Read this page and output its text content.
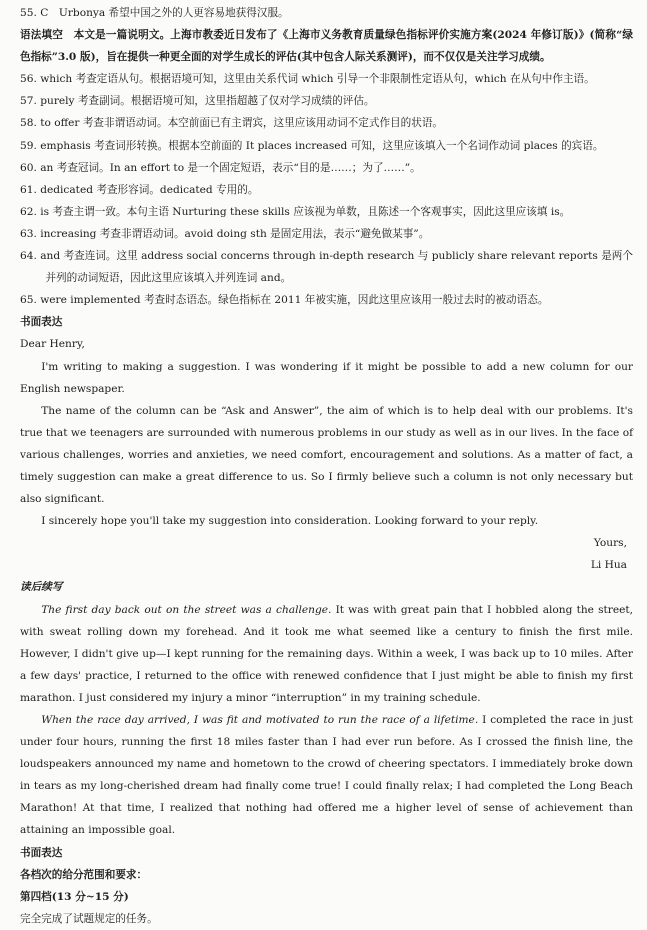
55. C　Urbonya 希望中国之外的人更容易地获得汉服。

语法填空　本文是一篇说明文。上海市教委近日发布了《上海市义务教育质量绿色指标评价实施方案(2024 年修订版)》(简称“绿色指标”3.0 版)，旨在提供一种更全面的对学生成长的评估(其中包含人际关系测评)，而不仅仅是关注学习成绩。

56. which 考查定语从句。根据语境可知，这里由关系代词 which 引导一个非限制性定语从句，which 在从句中作主语。

57. purely 考查副词。根据语境可知，这里指超越了仅对学习成绩的评估。

58. to offer 考查非谓语动词。本空前面已有主谓宾，这里应该用动词不定式作目的状语。

59. emphasis 考查词形转换。根据本空前面的 It places increased 可知，这里应该填入一个名词作动词 places 的宾语。

60. an 考查冠词。In an effort to 是一个固定短语，表示“目的是……；为了……”。

61. dedicated 考查形容词。dedicated 专用的。

62. is 考查主谓一致。本句主语 Nurturing these skills 应该视为单数，且陈述一个客观事实，因此这里应该填 is。

63. increasing 考查非谓语动词。avoid doing sth 是固定用法，表示“避免做某事”。

64. and 考查连词。这里 address social concerns through in-depth research 与 publicly share relevant reports 是两个并列的动词短语，因此这里应该填入并列连词 and。

65. were implemented 考查时态语态。绿色指标在 2011 年被实施，因此这里应该用一般过去时的被动语态。

书面表达

Dear Henry,

I'm writing to making a suggestion. I was wondering if it might be possible to add a new column for our English newspaper.

The name of the column can be “Ask and Answer”, the aim of which is to help deal with our problems. It's true that we teenagers are surrounded with numerous problems in our study as well as in our lives. In the face of various challenges, worries and anxieties, we need comfort, encouragement and solutions. As a matter of fact, a timely suggestion can make a great difference to us. So I firmly believe such a column is not only necessary but also significant.

I sincerely hope you'll take my suggestion into consideration. Looking forward to your reply.

Yours,

Li Hua

读后续写

The first day back out on the street was a challenge. It was with great pain that I hobbled along the street, with sweat rolling down my forehead. And it took me what seemed like a century to finish the first mile. However, I didn't give up—I kept running for the remaining days. Within a week, I was back up to 10 miles. After a few days' practice, I returned to the office with renewed confidence that I just might be able to finish my first marathon. I just considered my injury a minor “interruption” in my training schedule.

When the race day arrived, I was fit and motivated to run the race of a lifetime. I completed the race in just under four hours, running the first 18 miles faster than I had ever run before. As I crossed the finish line, the loudspeakers announced my name and hometown to the crowd of cheering spectators. I immediately broke down in tears as my long-cherished dream had finally come true! I could finally relax; I had completed the Long Beach Marathon! At that time, I realized that nothing had offered me a higher level of sense of achievement than attaining an impossible goal.

书面表达

各档次的给分范围和要求：

第四档(13 分~15 分)

完全完成了试题规定的任务。
